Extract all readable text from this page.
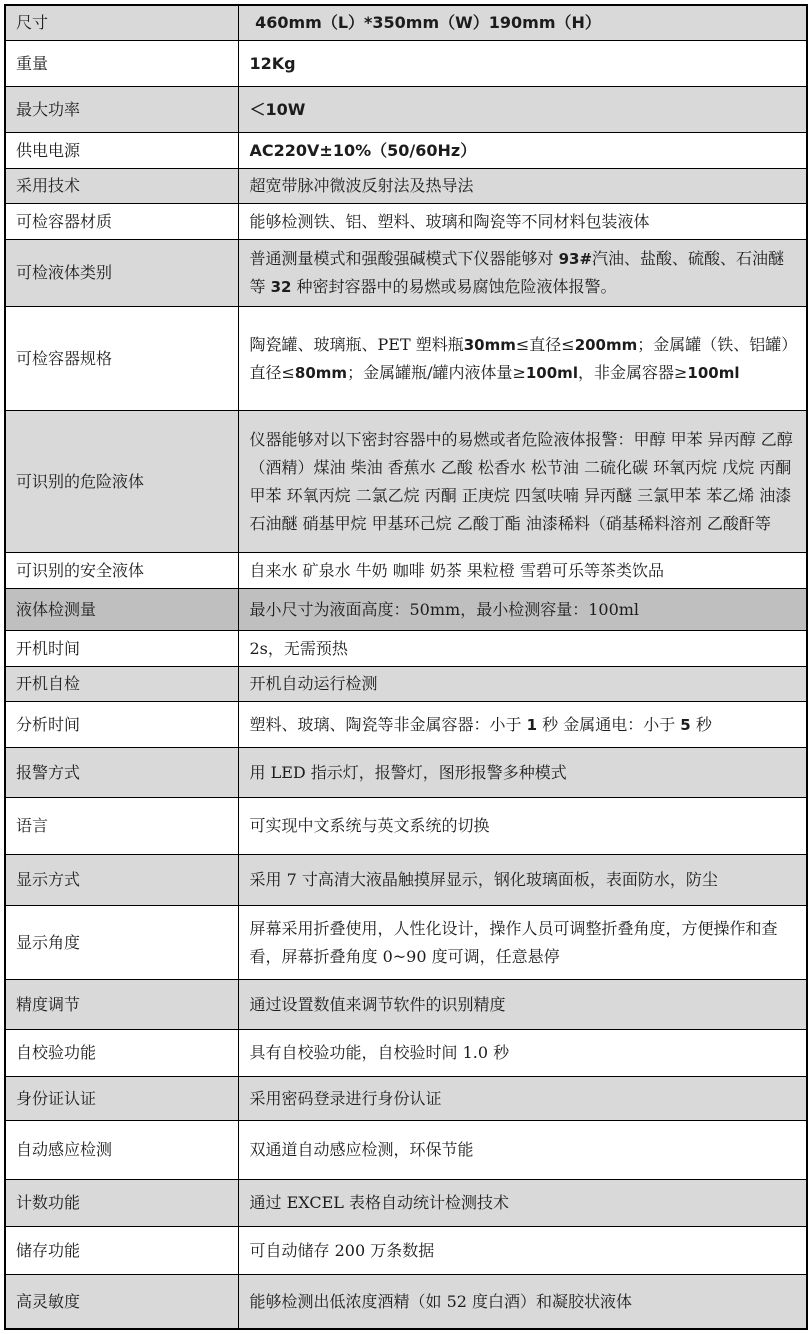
尺寸	460mm（L）*350mm（W）190mm（H）
重量	12Kg
最大功率	＜10W
供电电源	AC220V±10%（50/60Hz）
采用技术	超宽带脉冲微波反射法及热导法
可检容器材质	能够检测铁、铝、塑料、玻璃和陶瓷等不同材料包装液体
可检液体类别	普通测量模式和强酸强碱模式下仪器能够对 93#汽油、盐酸、硫酸、石油醚等 32 种密封容器中的易燃或易腐蚀危险液体报警。
可检容器规格	陶瓷罐、玻璃瓶、PET 塑料瓶30mm≤直径≤200mm；金属罐（铁、铝罐）直径≤80mm；金属罐瓶/罐内液体量≥100ml，非金属容器≥100ml
可识别的危险液体	仪器能够对以下密封容器中的易燃或者危险液体报警：甲醇 甲苯 异丙醇 乙醇（酒精）煤油 柴油 香蕉水 乙酸 松香水 松节油 二硫化碳 环氧丙烷 戊烷 丙酮 甲苯 环氧丙烷 二氯乙烷 丙酮 正庚烷 四氢呋喃 异丙醚 三氯甲苯 苯乙烯 油漆 石油醚 硝基甲烷 甲基环己烷 乙酸丁酯 油漆稀料（硝基稀料溶剂 乙酸酐等
可识别的安全液体	自来水 矿泉水 牛奶 咖啡 奶茶 果粒橙 雪碧可乐等茶类饮品
液体检测量	最小尺寸为液面高度：50mm，最小检测容量：100ml
开机时间	2s，无需预热
开机自检	开机自动运行检测
分析时间	塑料、玻璃、陶瓷等非金属容器：小于 1 秒 金属通电：小于 5 秒
报警方式	用 LED 指示灯，报警灯，图形报警多种模式
语言	可实现中文系统与英文系统的切换
显示方式	采用 7 寸高清大液晶触摸屏显示，钢化玻璃面板，表面防水，防尘
显示角度	屏幕采用折叠使用，人性化设计，操作人员可调整折叠角度，方便操作和查看，屏幕折叠角度 0~90 度可调，任意悬停
精度调节	通过设置数值来调节软件的识别精度
自校验功能	具有自校验功能，自校验时间 1.0 秒
身份证认证	采用密码登录进行身份认证
自动感应检测	双通道自动感应检测，环保节能
计数功能	通过 EXCEL 表格自动统计检测技术
储存功能	可自动储存 200 万条数据
高灵敏度	能够检测出低浓度酒精（如 52 度白酒）和凝胶状液体
